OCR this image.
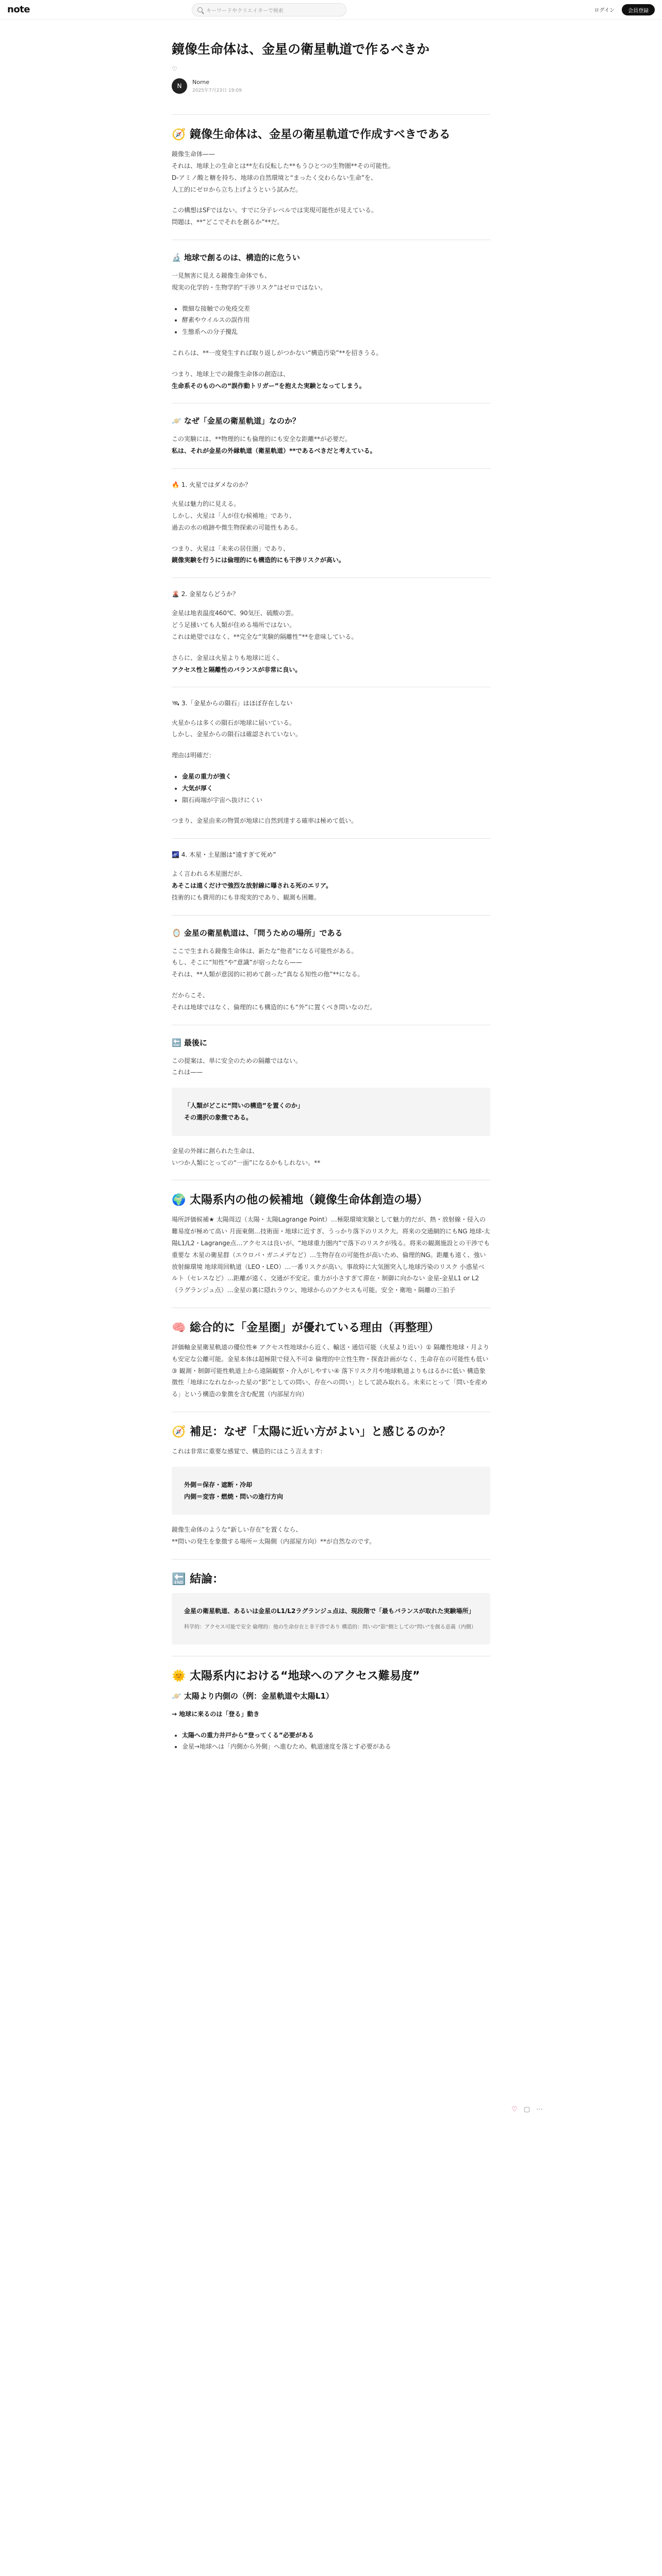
note	キーワードやクリエイターで検索	ログイン	会員登録
鏡像生命体は、金星の衛星軌道で作るべきか
♡
N
Norne
2025年7月23日 19:09
🧭 鏡像生命体は、金星の衛星軌道で作成すべきである

鏡像生命体——

それは、地球上の生命とは**左右反転した**もうひとつの生物圏**その可能性。

D-アミノ酸と糖を持ち、地球の自然環境と“まったく交わらない生命”を、

人工的にゼロから立ち上げようという試みだ。

この構想はSFではない。すでに分子レベルでは実現可能性が見えている。

問題は、**“どこでそれを創るか”**だ。

🔬 地球で創るのは、構造的に危うい

一見無害に見える鏡像生命体でも、

現実の化学的・生物学的“干渉リスク”はゼロではない。

微細な接触での免疫交差
酵素やウイルスの誤作用
生態系への分子攪乱

これらは、**一度発生すれば取り返しがつかない“構造汚染”**を招きうる。

つまり、地球上での鏡像生命体の創造は、

生命系そのものへの“誤作動トリガー”を抱えた実験となってしまう。

🪐 なぜ「金星の衛星軌道」なのか？

この実験には、**物理的にも倫理的にも安全な距離**が必要だ。

私は、それが金星の外縁軌道（衛星軌道）**であるべきだと考えている。

🔥 1. 火星ではダメなのか？

火星は魅力的に見える。

しかし、火星は「人が住む候補地」であり、

過去の水の痕跡や微生物探索の可能性もある。

つまり、火星は「未来の居住圏」であり、

鏡像実験を行うには倫理的にも構造的にも干渉リスクが高い。

🌋 2. 金星ならどうか？

金星は地表温度460℃、90気圧、硫酸の雲。

どう足掻いても人類が住める場所ではない。

これは絶望ではなく、**完全な“実験的隔離性”**を意味している。

さらに、金星は火星よりも地球に近く、

アクセス性と隔離性のバランスが非常に良い。

🛰 3.「金星からの隕石」はほぼ存在しない

火星からは多くの隕石が地球に届いている。

しかし、金星からの隕石は確認されていない。

理由は明確だ：

金星の重力が強く
大気が厚く
隕石両端が宇宙へ抜けにくい

つまり、金星由来の物質が地球に自然到達する確率は極めて低い。

🌌 4. 木星・土星圏は“遠すぎて死め”

よく言われる木星圏だが、

あそこは遠くだけで強烈な放射線に曝される死のエリア。

技術的にも費用的にも非現実的であり、観測も困難。

🪞 金星の衛星軌道は、「問うための場所」である

ここで生まれる鏡像生命体は、新たな“他者”になる可能性がある。

もし、そこに“知性”や“意識”が宿ったなら——

それは、**人類が意図的に初めて創った“真なる知性の他”**になる。

だからこそ、

それは地球ではなく、倫理的にも構造的にも“外”に置くべき問いなのだ。

🔚 最後に

この提案は、単に安全のための隔離ではない。

これは——

「人類がどこに“問いの構造”を置くのか」

その選択の象徴である。

金星の外縁に創られた生命は、

いつか人類にとっての“一面”になるかもしれない。**

🌍 太陽系内の他の候補地（鏡像生命体創造の場）
場所評価候補★ 太陽周辺（太陽・太陽Lagrange Point）…極限環境実験として魅力的だが、熱・放射線・侵入の難易度が極めて高い 月面東側…技術面・地球に近すぎ、うっかり落下のリスク大。将来の交通網的にもNG 地球-太陽L1/L2・Lagrange点…アクセスは良いが、“地球重力圏内”で落下のリスクが残る。将来の観測施設との干渉でも重要な 木星の衛星群（エウロパ・ガニメデなど）…生物存在の可能性が高いため、倫理的NG。距離も遠く、強い放射線環境 地球周回軌道（LEO・LEO）…一番リスクが高い。事故時に大気圏突入し地球汚染のリスク 小惑星ベルト（セレスなど）…距離が遠く、交通が不安定。重力が小さすぎて滞在・制御に向かない 金星-金星L1 or L2（ラグランジュ点）…金星の裏に隠れラウン、地球からのアクセスも可能。安全・衛地・隔離の三拍子
🧠 総合的に「金星圏」が優れている理由（再整理）
評価軸金星衛星軌道の優位性※ アクセス性地球から近く、輸送・通信可能（火星より近い）① 隔離性地球・月よりも安定な公離可能。金星本体は超極限で侵入不可② 倫理的中立性生物・探査計画がなく、生命存在の可能性も低い③ 観測・制御可能性軌道上から遠隔観察・介入がしやすい④ 落下リスク月や地球軌道よりもはるかに低い 構造象徴性「地球になれなかった星の“影”としての問い、存在への問い」として読み取れる。未来にとって「問いを産める」という構造の象徴を含む配置（内部屋方向）
🧭 補足：なぜ「太陽に近い方がよい」と感じるのか？

これは非常に重要な感覚で、構造的にはこう言えます：

外側＝保存・遮断・冷却

内側＝変容・燃焼・問いの進行方向

鏡像生命体のような“新しい存在”を置くなら、

**問いの発生を象徴する場所＝太陽側（内部屋方向）**が自然なのです。

🔚 結論：

金星の衛星軌道、あるいは金星のL1/L2ラグランジュ点は、現段階で「最もバランスが取れた実験場所」

科学的：アクセス可能で安全 倫理的：他の生命存在と非干渉であり 構造的：問いの“影”側としての“問い”を創る意義（内側）

🌞 太陽系内における“地球へのアクセス難易度”
🪐 太陽より内側の（例：金星軌道や太陽L1）

→ 地球に来るのは「登る」動き

太陽への重力井戸から“登ってくる”必要がある
金星→地球へは「内側から外側」へ進むため、軌道速度を落とす必要がある
♡ ▢ ⋯
